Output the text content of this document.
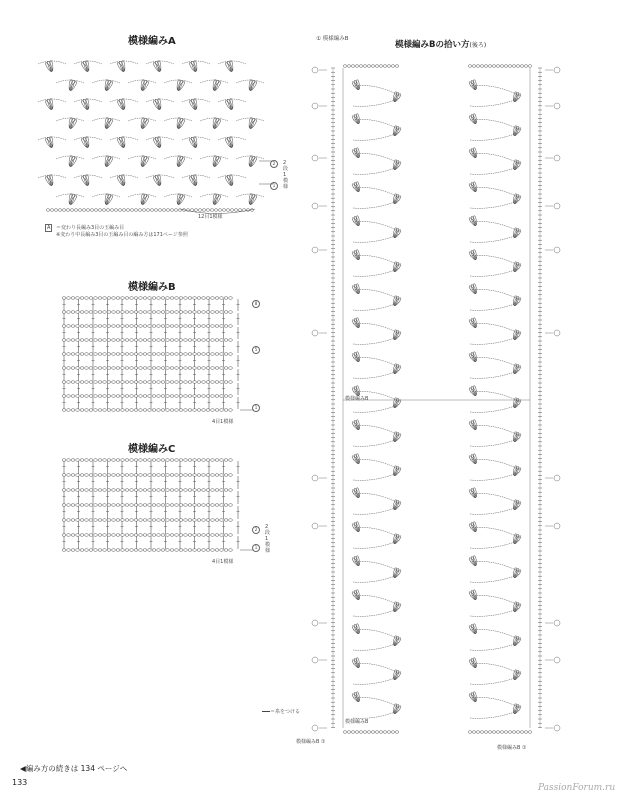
模様編みA
2
1
2段1模様
12目1模様
A	＝変わり長編み3目の玉編み目
※変わり中長編み3目の玉編み目の編み方は171ページ参照
模様編みB
8
5
1
4目1模様
模様編みC
2
1
2段1模様
4目1模様
① 模様編みB
模様編みBの拾い方(後ろ)
模様編みB
模様編みB
模様編みB ①
模様編みB ①
＝糸をつける
◀編み方の続きは 134 ページへ
133
PassionForum.ru
